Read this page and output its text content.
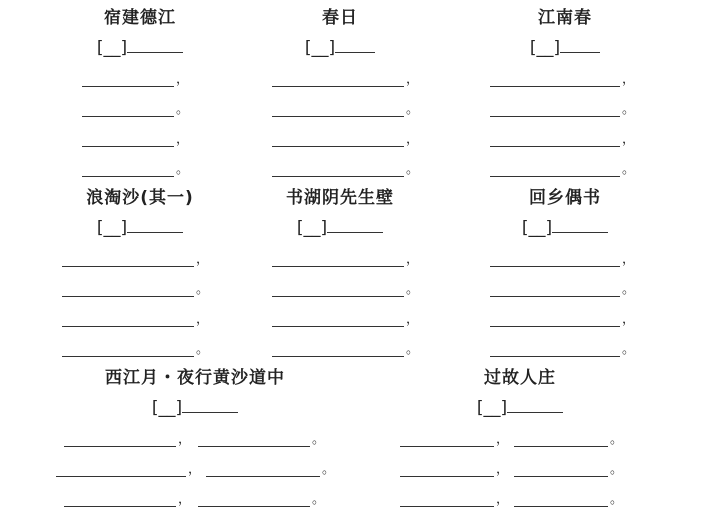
宿建德江
[__]
，
。
，
。
春日
[__]
，
。
，
。
江南春
[__]
，
。
，
。
浪淘沙(其一)
[__]
，
。
，
。
书湖阴先生壁
[__]
，
。
，
。
回乡偶书
[__]
，
。
，
。
西江月・夜行黄沙道中
[__]
，	。
，	。
，	。
过故人庄
[__]
，	。
，	。
，	。
